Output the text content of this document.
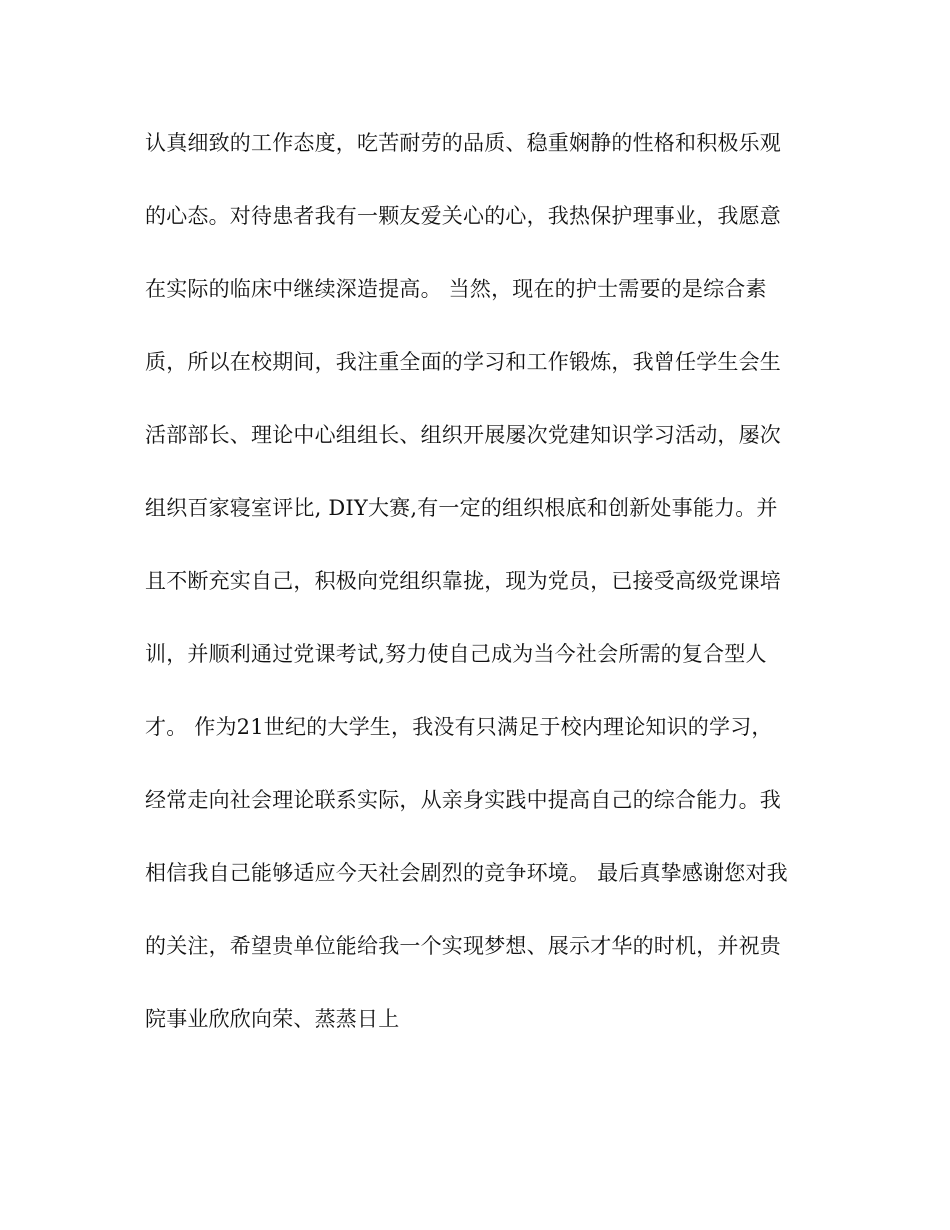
认真细致的工作态度，吃苦耐劳的品质、稳重娴静的性格和积极乐观
的心态。对待患者我有一颗友爱关心的心，我热保护理事业，我愿意
在实际的临床中继续深造提高。 当然，现在的护士需要的是综合素
质，所以在校期间，我注重全面的学习和工作锻炼，我曾任学生会生
活部部长、理论中心组组长、组织开展屡次党建知识学习活动，屡次
组织百家寝室评比, DIY大赛,有一定的组织根底和创新处事能力。并
且不断充实自己，积极向党组织靠拢，现为党员，已接受高级党课培
训，并顺利通过党课考试,努力使自己成为当今社会所需的复合型人
才。 作为21世纪的大学生，我没有只满足于校内理论知识的学习，
经常走向社会理论联系实际，从亲身实践中提高自己的综合能力。我
相信我自己能够适应今天社会剧烈的竞争环境。 最后真挚感谢您对我
的关注，希望贵单位能给我一个实现梦想、展示才华的时机，并祝贵
院事业欣欣向荣、蒸蒸日上
